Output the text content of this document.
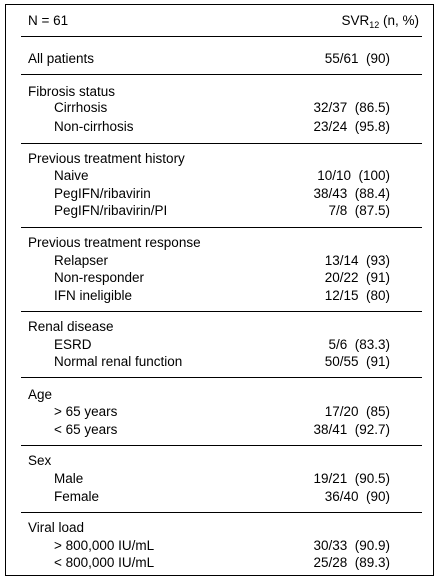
N = 61	$SVR_{12}$ (n, %)
All patients	55/61  (90)
Fibrosis status
Cirrhosis	32/37  (86.5)
Non-cirrhosis	23/24  (95.8)
Previous treatment history
Naive	10/10  (100)
PegIFN/ribavirin	38/43  (88.4)
PegIFN/ribavirin/PI	7/8  (87.5)
Previous treatment response
Relapser	13/14  (93)
Non-responder	20/22  (91)
IFN ineligible	12/15  (80)
Renal disease
ESRD	5/6  (83.3)
Normal renal function	50/55  (91)
Age
> 65 years	17/20  (85)
< 65 years	38/41  (92.7)
Sex
Male	19/21  (90.5)
Female	36/40  (90)
Viral load
> 800,000 IU/mL	30/33  (90.9)
< 800,000 IU/mL	25/28  (89.3)
